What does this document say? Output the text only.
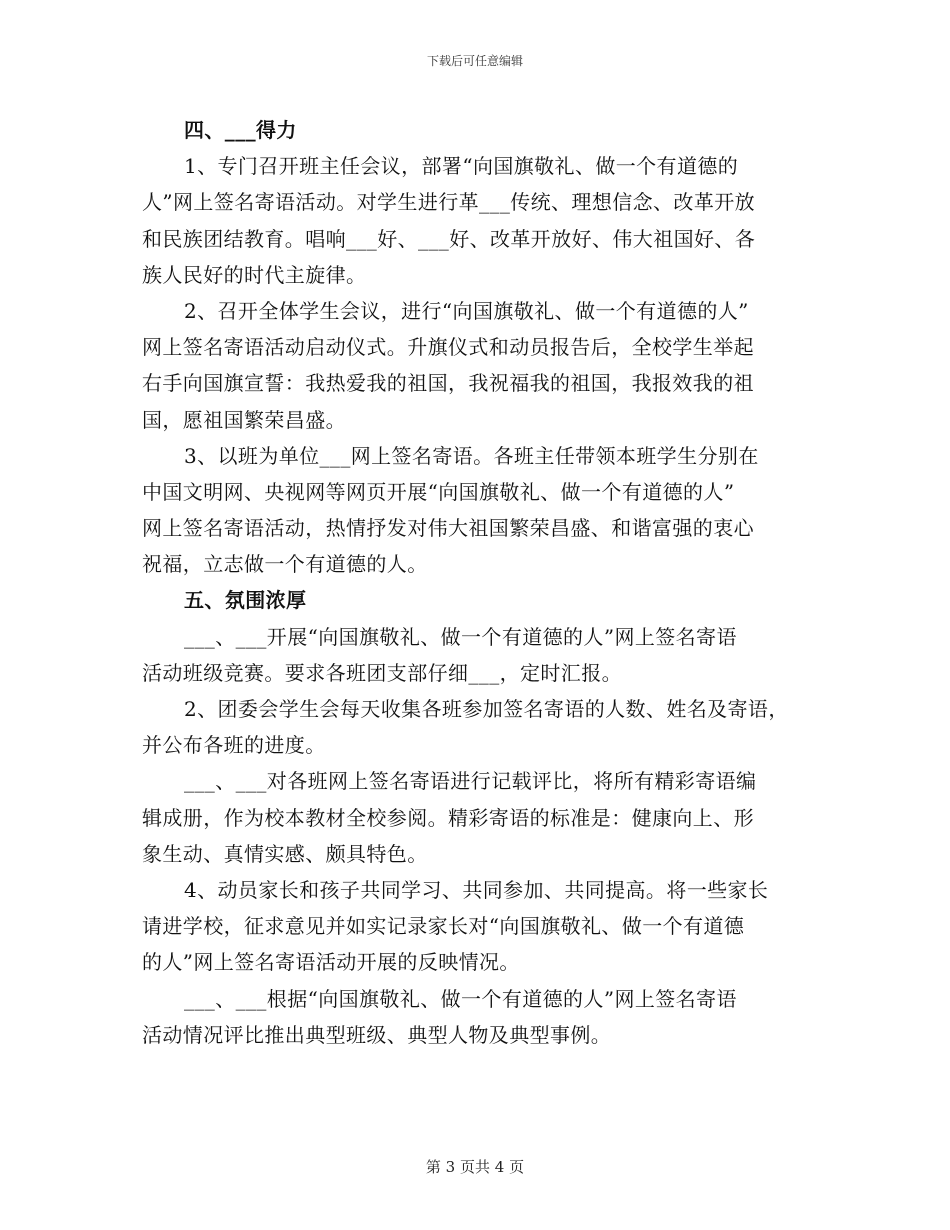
下载后可任意编辑
四、___得力
1、专门召开班主任会议，部署“向国旗敬礼、做一个有道德的
人”网上签名寄语活动。对学生进行革___传统、理想信念、改革开放
和民族团结教育。唱响___好、___好、改革开放好、伟大祖国好、各
族人民好的时代主旋律。
2、召开全体学生会议，进行“向国旗敬礼、做一个有道德的人”
网上签名寄语活动启动仪式。升旗仪式和动员报告后，全校学生举起
右手向国旗宣誓：我热爱我的祖国，我祝福我的祖国，我报效我的祖
国，愿祖国繁荣昌盛。
3、以班为单位___网上签名寄语。各班主任带领本班学生分别在
中国文明网、央视网等网页开展“向国旗敬礼、做一个有道德的人”
网上签名寄语活动，热情抒发对伟大祖国繁荣昌盛、和谐富强的衷心
祝福，立志做一个有道德的人。
五、氛围浓厚
___、___开展“向国旗敬礼、做一个有道德的人”网上签名寄语
活动班级竞赛。要求各班团支部仔细___，定时汇报。
2、团委会学生会每天收集各班参加签名寄语的人数、姓名及寄语，
并公布各班的进度。
___、___对各班网上签名寄语进行记载评比，将所有精彩寄语编
辑成册，作为校本教材全校参阅。精彩寄语的标准是：健康向上、形
象生动、真情实感、颇具特色。
4、动员家长和孩子共同学习、共同参加、共同提高。将一些家长
请进学校，征求意见并如实记录家长对“向国旗敬礼、做一个有道德
的人”网上签名寄语活动开展的反映情况。
___、___根据“向国旗敬礼、做一个有道德的人”网上签名寄语
活动情况评比推出典型班级、典型人物及典型事例。
第 3 页共 4 页
